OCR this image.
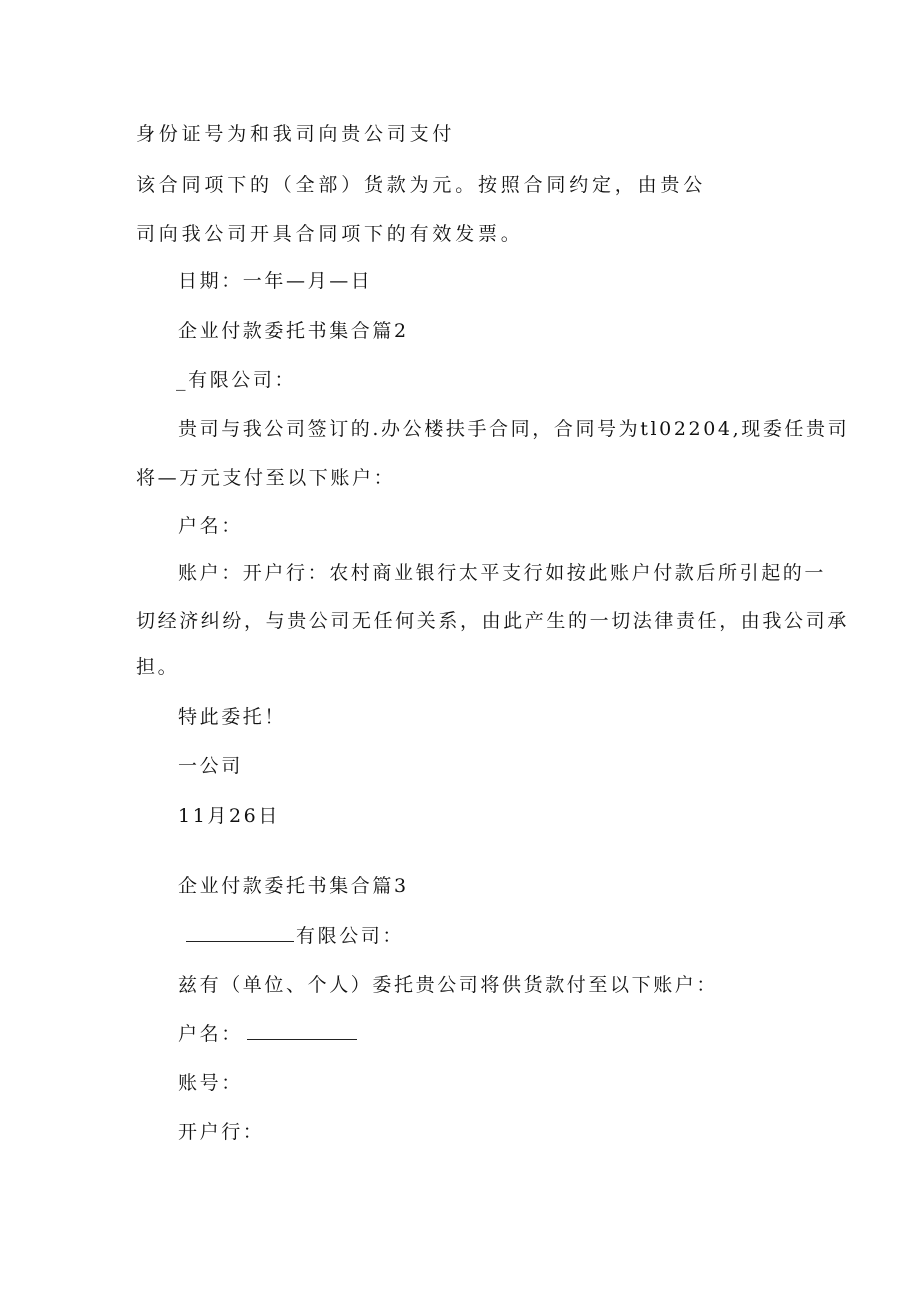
身份证号为和我司向贵公司支付
该合同项下的（全部）货款为元。按照合同约定，由贵公
司向我公司开具合同项下的有效发票。
日期：一年—月—日
企业付款委托书集合篇2
_有限公司：
贵司与我公司签订的.办公楼扶手合同，合同号为tl02204,现委任贵司
将—万元支付至以下账户：
户名：
账户：开户行：农村商业银行太平支行如按此账户付款后所引起的一
切经济纠纷，与贵公司无任何关系，由此产生的一切法律责任，由我公司承
担。
特此委托！
一公司
11月26日
企业付款委托书集合篇3
有限公司：
兹有（单位、个人）委托贵公司将供货款付至以下账户：
户名：
账号：
开户行：
